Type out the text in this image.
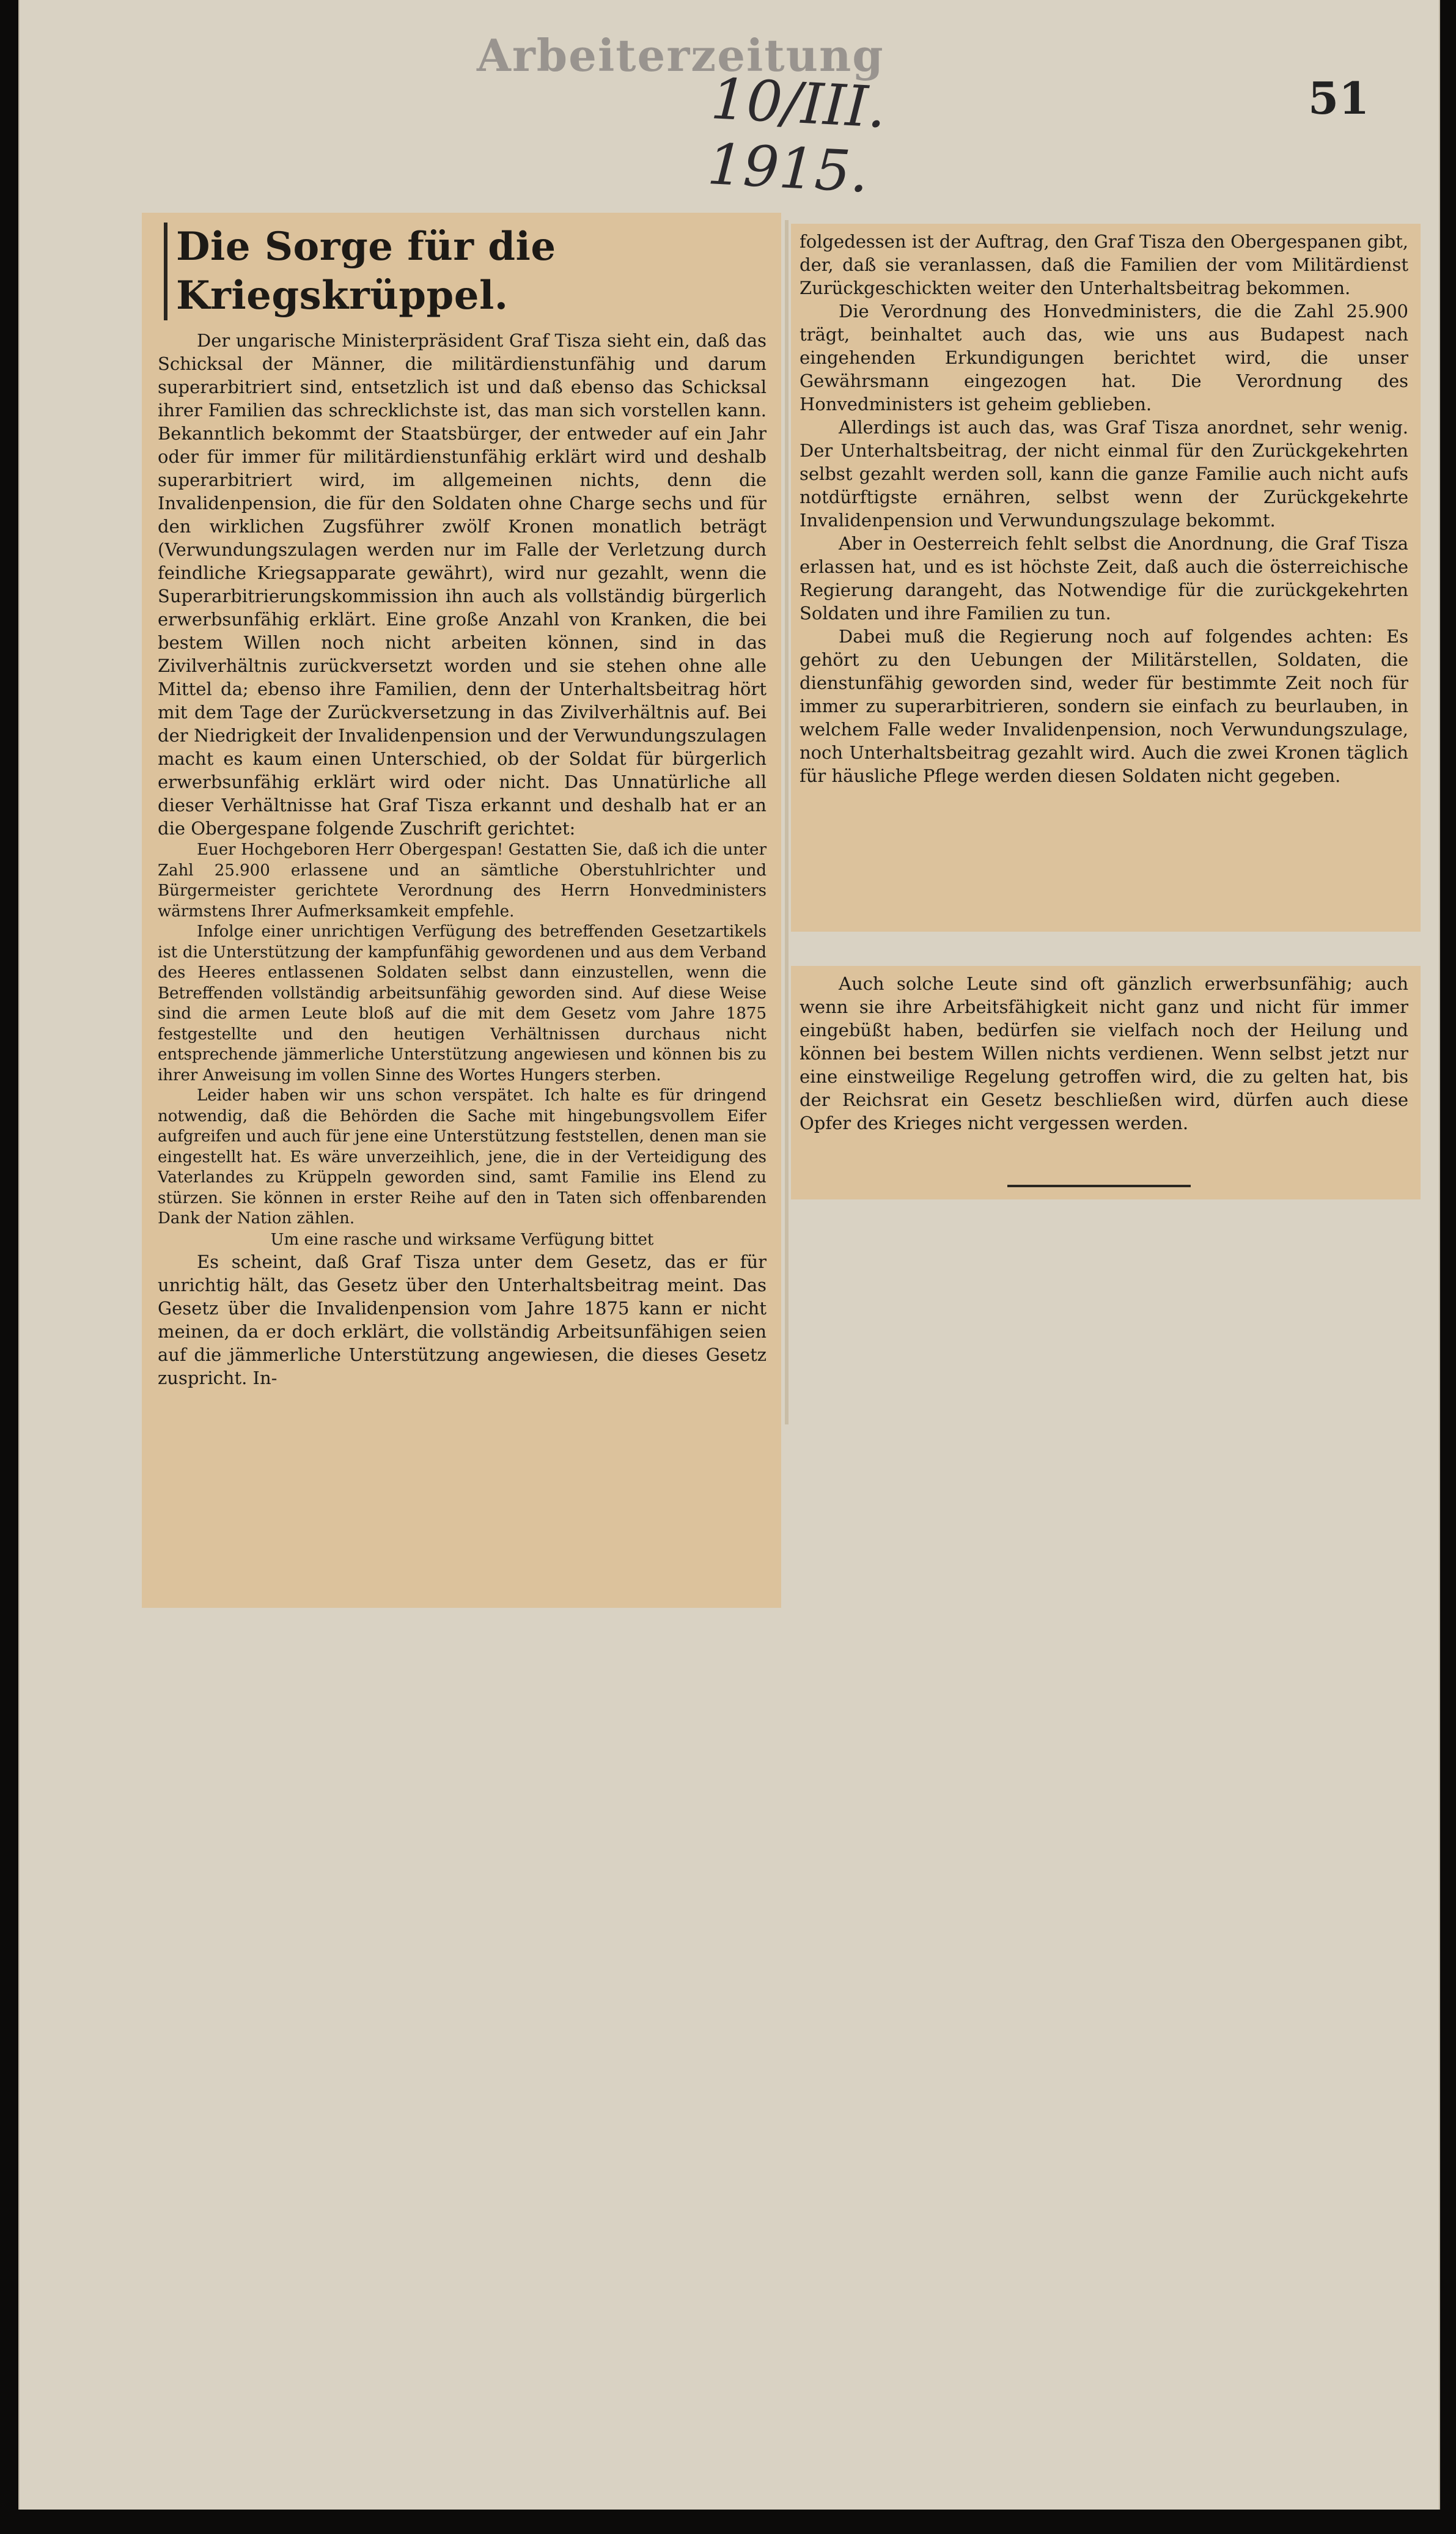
Arbeiterzeitung
10/III. 1915.
51
Die Sorge für die Kriegskrüppel.

Der ungarische Ministerpräsident Graf Tisza sieht ein, daß das Schicksal der Männer, die militärdienstunfähig und darum superarbitriert sind, entsetzlich ist und daß ebenso das Schicksal ihrer Familien das schrecklichste ist, das man sich vorstellen kann. Bekanntlich bekommt der Staatsbürger, der entweder auf ein Jahr oder für immer für militärdienstunfähig erklärt wird und deshalb superarbitriert wird, im allgemeinen nichts, denn die Invalidenpension, die für den Soldaten ohne Charge sechs und für den wirklichen Zugsführer zwölf Kronen monatlich beträgt (Verwundungszulagen werden nur im Falle der Verletzung durch feindliche Kriegsapparate gewährt), wird nur gezahlt, wenn die Superarbitrierungskommission ihn auch als vollständig bürgerlich erwerbsunfähig erklärt. Eine große Anzahl von Kranken, die bei bestem Willen noch nicht arbeiten können, sind in das Zivilverhältnis zurückversetzt worden und sie stehen ohne alle Mittel da; ebenso ihre Familien, denn der Unterhaltsbeitrag hört mit dem Tage der Zurückversetzung in das Zivilverhältnis auf. Bei der Niedrigkeit der Invalidenpension und der Verwundungszulagen macht es kaum einen Unterschied, ob der Soldat für bürgerlich erwerbsunfähig erklärt wird oder nicht. Das Unnatürliche all dieser Verhältnisse hat Graf Tisza erkannt und deshalb hat er an die Obergespane folgende Zuschrift gerichtet:

Euer Hochgeboren Herr Obergespan! Gestatten Sie, daß ich die unter Zahl 25.900 erlassene und an sämtliche Oberstuhlrichter und Bürgermeister gerichtete Verordnung des Herrn Honvedministers wärmstens Ihrer Aufmerksamkeit empfehle.

Infolge einer unrichtigen Verfügung des betreffenden Gesetzartikels ist die Unterstützung der kampfunfähig gewordenen und aus dem Verband des Heeres entlassenen Soldaten selbst dann einzustellen, wenn die Betreffenden vollständig arbeitsunfähig geworden sind. Auf diese Weise sind die armen Leute bloß auf die mit dem Gesetz vom Jahre 1875 festgestellte und den heutigen Verhältnissen durchaus nicht entsprechende jämmerliche Unterstützung angewiesen und können bis zu ihrer Anweisung im vollen Sinne des Wortes Hungers sterben.

Leider haben wir uns schon verspätet. Ich halte es für dringend notwendig, daß die Behörden die Sache mit hingebungsvollem Eifer aufgreifen und auch für jene eine Unterstützung feststellen, denen man sie eingestellt hat. Es wäre unverzeihlich, jene, die in der Verteidigung des Vaterlandes zu Krüppeln geworden sind, samt Familie ins Elend zu stürzen. Sie können in erster Reihe auf den in Taten sich offenbarenden Dank der Nation zählen.

Um eine rasche und wirksame Verfügung bittet

Es scheint, daß Graf Tisza unter dem Gesetz, das er für unrichtig hält, das Gesetz über den Unterhaltsbeitrag meint. Das Gesetz über die Invalidenpension vom Jahre 1875 kann er nicht meinen, da er doch erklärt, die vollständig Arbeitsunfähigen seien auf die jämmerliche Unterstützung angewiesen, die dieses Gesetz zuspricht. In-

folgedessen ist der Auftrag, den Graf Tisza den Obergespanen gibt, der, daß sie veranlassen, daß die Familien der vom Militärdienst Zurückgeschickten weiter den Unterhaltsbeitrag bekommen.

Die Verordnung des Honvedministers, die die Zahl 25.900 trägt, beinhaltet auch das, wie uns aus Budapest nach eingehenden Erkundigungen berichtet wird, die unser Gewährsmann eingezogen hat. Die Verordnung des Honvedministers ist geheim geblieben.

Allerdings ist auch das, was Graf Tisza anordnet, sehr wenig. Der Unterhaltsbeitrag, der nicht einmal für den Zurückgekehrten selbst gezahlt werden soll, kann die ganze Familie auch nicht aufs notdürftigste ernähren, selbst wenn der Zurückgekehrte Invalidenpension und Verwundungszulage bekommt.

Aber in Oesterreich fehlt selbst die Anordnung, die Graf Tisza erlassen hat, und es ist höchste Zeit, daß auch die österreichische Regierung darangeht, das Notwendige für die zurückgekehrten Soldaten und ihre Familien zu tun.

Dabei muß die Regierung noch auf folgendes achten: Es gehört zu den Uebungen der Militärstellen, Soldaten, die dienstunfähig geworden sind, weder für bestimmte Zeit noch für immer zu superarbitrieren, sondern sie einfach zu beurlauben, in welchem Falle weder Invalidenpension, noch Verwundungszulage, noch Unterhaltsbeitrag gezahlt wird. Auch die zwei Kronen täglich für häusliche Pflege werden diesen Soldaten nicht gegeben.

Auch solche Leute sind oft gänzlich erwerbsunfähig; auch wenn sie ihre Arbeitsfähigkeit nicht ganz und nicht für immer eingebüßt haben, bedürfen sie vielfach noch der Heilung und können bei bestem Willen nichts verdienen. Wenn selbst jetzt nur eine einstweilige Regelung getroffen wird, die zu gelten hat, bis der Reichsrat ein Gesetz beschließen wird, dürfen auch diese Opfer des Krieges nicht vergessen werden.
